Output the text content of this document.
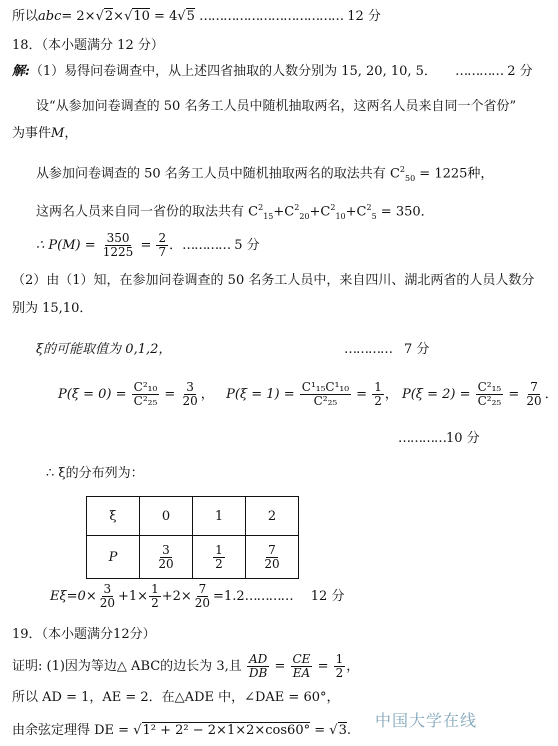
所以abc= 2×√2×√10 = 4√5 ……………………………… 12 分
18．（本小题满分 12 分）
解:（1）易得问卷调查中，从上述四省抽取的人数分别为 15, 20, 10, 5． ………… 2 分
设“从参加问卷调查的 50 名务工人员中随机抽取两名，这两名人员来自同一个省份”
为事件M，
从参加问卷调查的 50 名务工人员中随机抽取两名的取法共有 $C^2_{50} = 1225$种，
这两名人员来自同一省份的取法共有 $C^2_{15}+C^2_{20}+C^2_{10}+C^2_5 = 350$．
∴ $P(M) = \frac{350}{1225} = \frac{2}{7}$ ．………… 5 分
（2）由（1）知，在参加问卷调查的 50 名务工人员中，来自四川、湖北两省的人员人数分
别为 15,10．
ξ的可能取值为 0,1,2，	………… 7 分
$P(\xi = 0) = \frac{\text{C²₁₀}}{\text{C²₂₅}} = \frac{3}{20}$ ， $P(\xi = 1) = \frac{\text{C¹₁₅C¹₁₀}}{\text{C²₂₅}} = \frac{1}{2}$ ， $P(\xi = 2) = \frac{\text{C²₁₅}}{\text{C²₂₅}} = \frac{7}{20}$ ．
…………10 分
∴ ξ的分布列为：
ξ	0	1	2
P	$\frac{3}{20}$	$\frac{1}{2}$	$\frac{7}{20}$
$E\xi=0\times \frac{3}{20} +1\times \frac{1}{2} +2\times \frac{7}{20}$ =1.2………… 12 分
19．（本小题满分12分）
证明: (1)因为等边△ ABC的边长为 3,且 $\frac{AD}{DB} = \frac{CE}{EA} = \frac{1}{2}$ ，
所以 AD = 1，AE = 2．在△ADE 中，∠DAE = 60°，
由余弦定理得 DE = √1² + 2² − 2×1×2×cos60° = √3.
中国大学在线
